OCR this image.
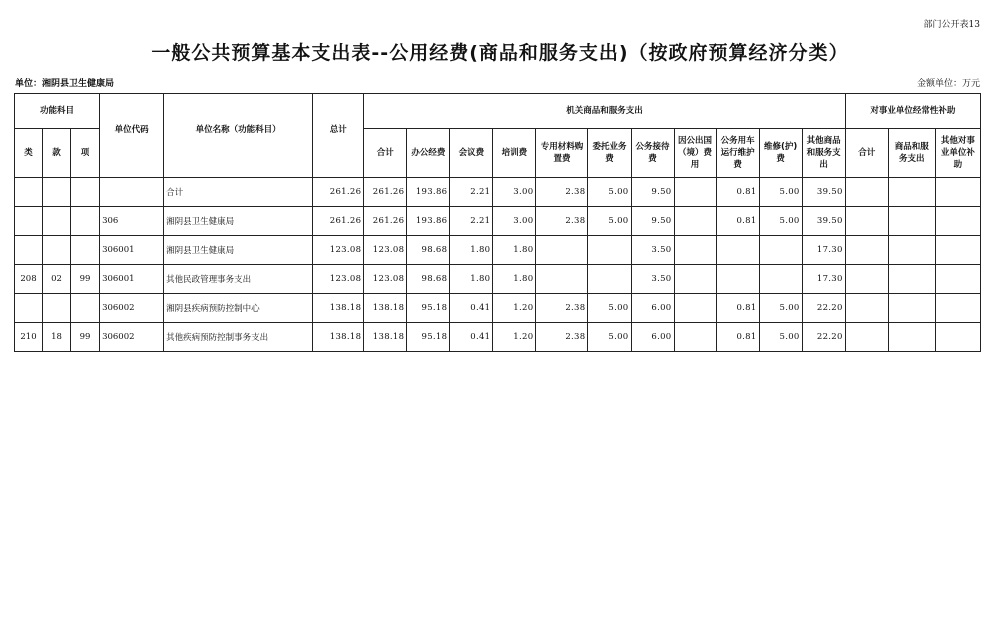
部门公开表13
一般公共预算基本支出表--公用经费(商品和服务支出)（按政府预算经济分类）
单位：湘阴县卫生健康局	金额单位：万元
功能科目			单位代码	单位名称（功能科目）	总计	机关商品和服务支出											对事业单位经常性补助		
类	款	项				合计	办公经费	会议费	培训费	专用材料购置费	委托业务费	公务接待费	因公出国（境）费用	公务用车运行维护费	维修(护)费	其他商品和服务支出	合计	商品和服务支出	其他对事业单位补助
				合计	261.26	261.26	193.86	2.21	3.00	2.38	5.00	9.50		0.81	5.00	39.50			
			306	湘阴县卫生健康局	261.26	261.26	193.86	2.21	3.00	2.38	5.00	9.50		0.81	5.00	39.50			
			306001	湘阴县卫生健康局	123.08	123.08	98.68	1.80	1.80			3.50				17.30			
208	02	99	306001	其他民政管理事务支出	123.08	123.08	98.68	1.80	1.80			3.50				17.30			
			306002	湘阴县疾病预防控制中心	138.18	138.18	95.18	0.41	1.20	2.38	5.00	6.00		0.81	5.00	22.20			
210	18	99	306002	其他疾病预防控制事务支出	138.18	138.18	95.18	0.41	1.20	2.38	5.00	6.00		0.81	5.00	22.20			
